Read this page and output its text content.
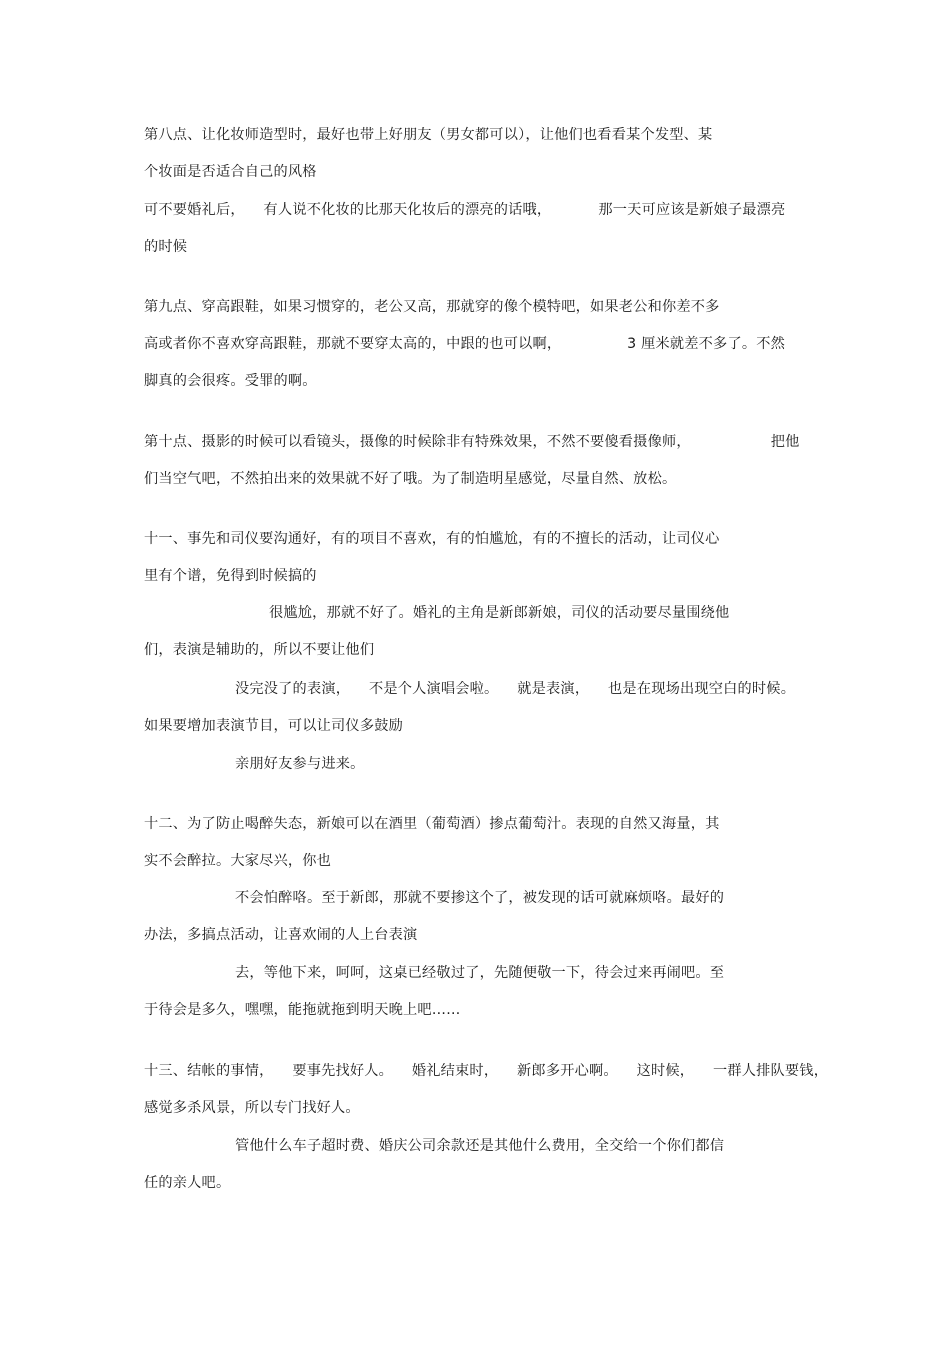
第八点、让化妆师造型时，最好也带上好朋友（男女都可以），让他们也看看某个发型、某
个妆面是否适合自己的风格
可不要婚礼后，    有人说不化妆的比那天化妆后的漂亮的话哦，          那一天可应该是新娘子最漂亮
的时候
第九点、穿高跟鞋，如果习惯穿的，老公又高，那就穿的像个模特吧，如果老公和你差不多
高或者你不喜欢穿高跟鞋，那就不要穿太高的，中跟的也可以啊，              3 厘米就差不多了。不然
脚真的会很疼。受罪的啊。
第十点、摄影的时候可以看镜头，摄像的时候除非有特殊效果，不然不要傻看摄像师，                 把他
们当空气吧，不然拍出来的效果就不好了哦。为了制造明星感觉，尽量自然、放松。
十一、事先和司仪要沟通好，有的项目不喜欢，有的怕尴尬，有的不擅长的活动，让司仪心
里有个谱，免得到时候搞的
很尴尬，那就不好了。婚礼的主角是新郎新娘，司仪的活动要尽量围绕他
们，表演是辅助的，所以不要让他们
没完没了的表演，    不是个人演唱会啦。    就是表演，    也是在现场出现空白的时候。
如果要增加表演节目，可以让司仪多鼓励
亲朋好友参与进来。
十二、为了防止喝醉失态，新娘可以在酒里（葡萄酒）掺点葡萄汁。表现的自然又海量，其
实不会醉拉。大家尽兴，你也
不会怕醉咯。至于新郎，那就不要掺这个了，被发现的话可就麻烦咯。最好的
办法，多搞点活动，让喜欢闹的人上台表演
去，等他下来，呵呵，这桌已经敬过了，先随便敬一下，待会过来再闹吧。至
于待会是多久，嘿嘿，能拖就拖到明天晚上吧……
十三、结帐的事情，    要事先找好人。    婚礼结束时，    新郎多开心啊。    这时候，    一群人排队要钱，
感觉多杀风景，所以专门找好人。
管他什么车子超时费、婚庆公司余款还是其他什么费用，全交给一个你们都信
任的亲人吧。
